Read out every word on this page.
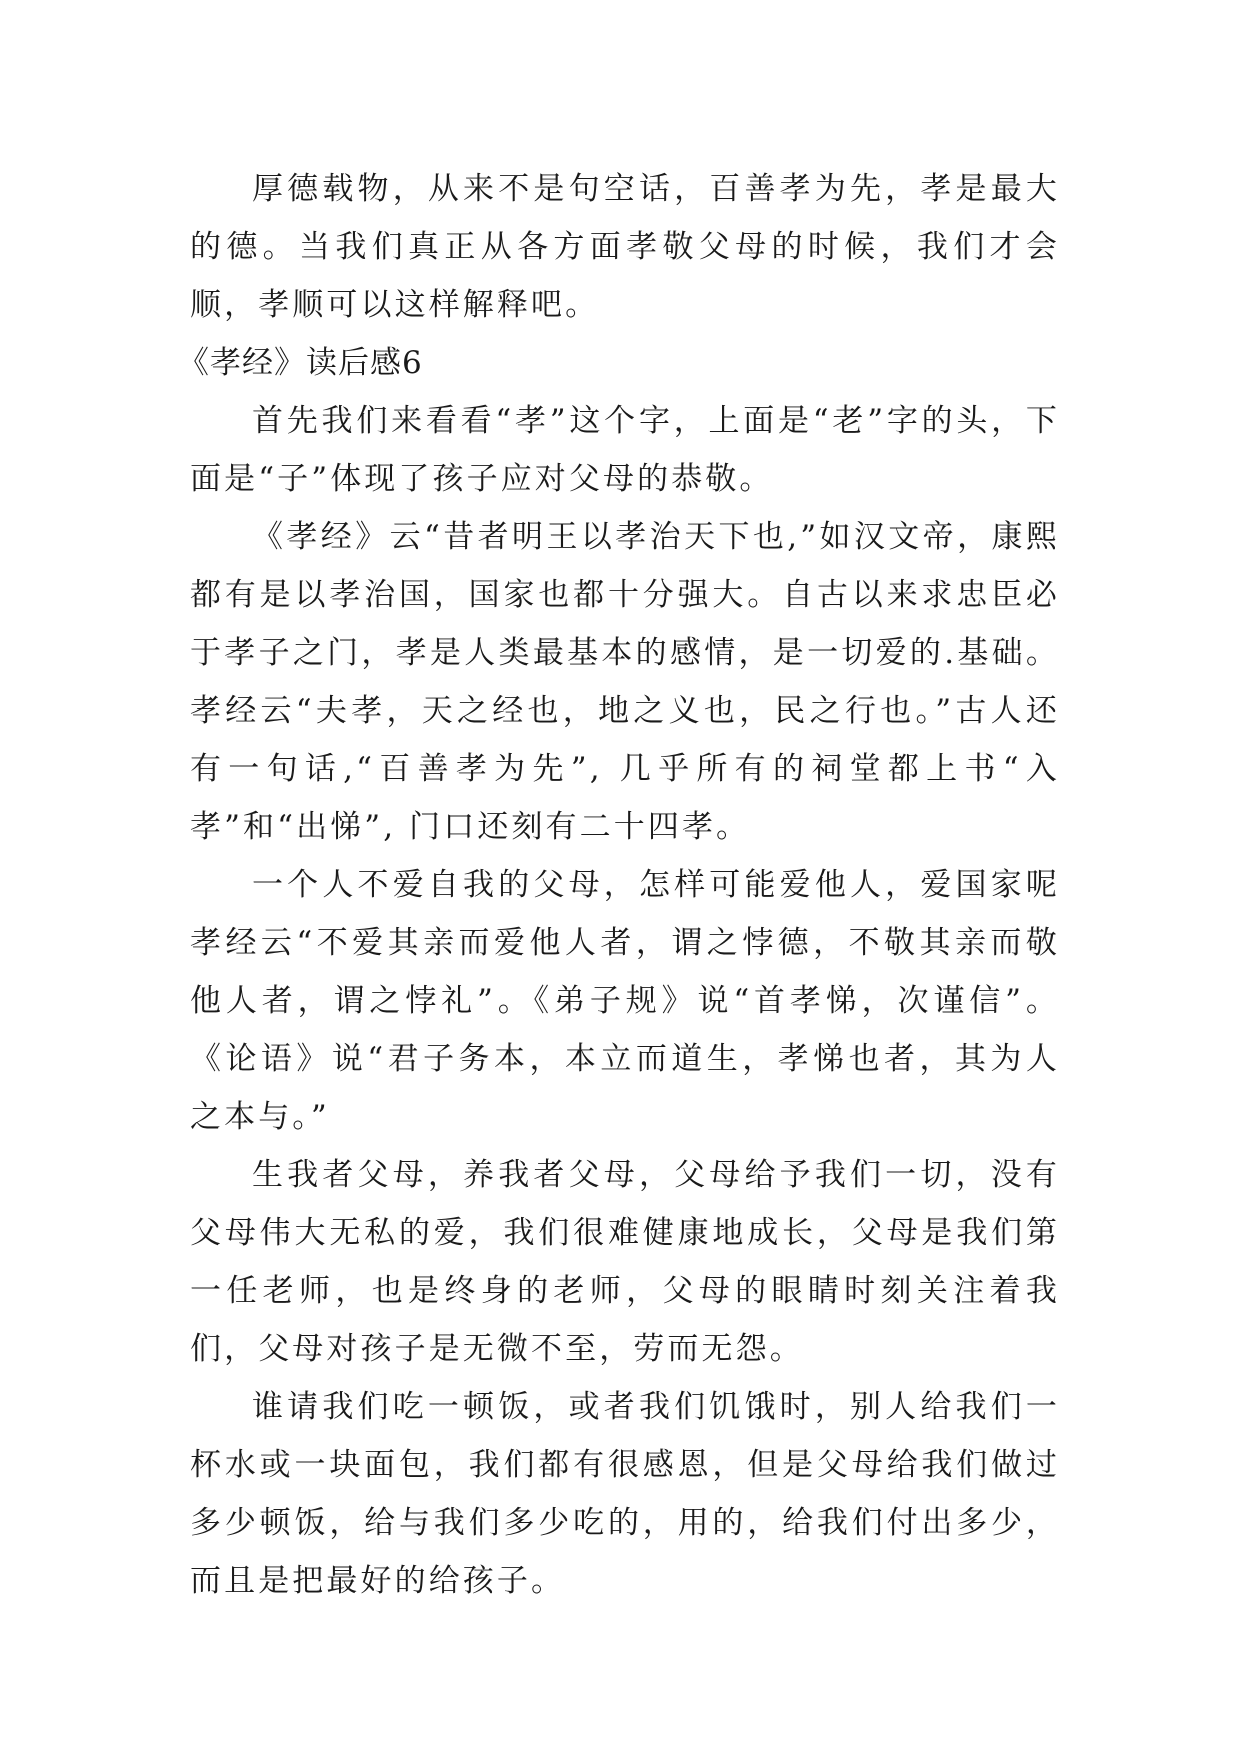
厚德载物，从来不是句空话，百善孝为先，孝是最大的德。当我们真正从各方面孝敬父母的时候，我们才会顺，孝顺可以这样解释吧。

《孝经》读后感6

首先我们来看看“孝”这个字，上面是“老”字的头，下面是“子”体现了孩子应对父母的恭敬。

《孝经》云“昔者明王以孝治天下也,”如汉文帝，康熙都有是以孝治国，国家也都十分强大。自古以来求忠臣必于孝子之门，孝是人类最基本的感情，是一切爱的.基础。孝经云“夫孝，天之经也，地之义也，民之行也。”古人还有一句话,“百善孝为先”, 几乎所有的祠堂都上书“入孝”和“出悌”, 门口还刻有二十四孝。

一个人不爱自我的父母，怎样可能爱他人，爱国家呢孝经云“不爱其亲而爱他人者，谓之悖德，不敬其亲而敬他人者，谓之悖礼”。《弟子规》说“首孝悌，次谨信”。《论语》说“君子务本，本立而道生，孝悌也者，其为人之本与。”

生我者父母，养我者父母，父母给予我们一切，没有父母伟大无私的爱，我们很难健康地成长，父母是我们第一任老师，也是终身的老师，父母的眼睛时刻关注着我们，父母对孩子是无微不至，劳而无怨。

谁请我们吃一顿饭，或者我们饥饿时，别人给我们一杯水或一块面包，我们都有很感恩，但是父母给我们做过多少顿饭，给与我们多少吃的，用的，给我们付出多少，而且是把最好的给孩子。
